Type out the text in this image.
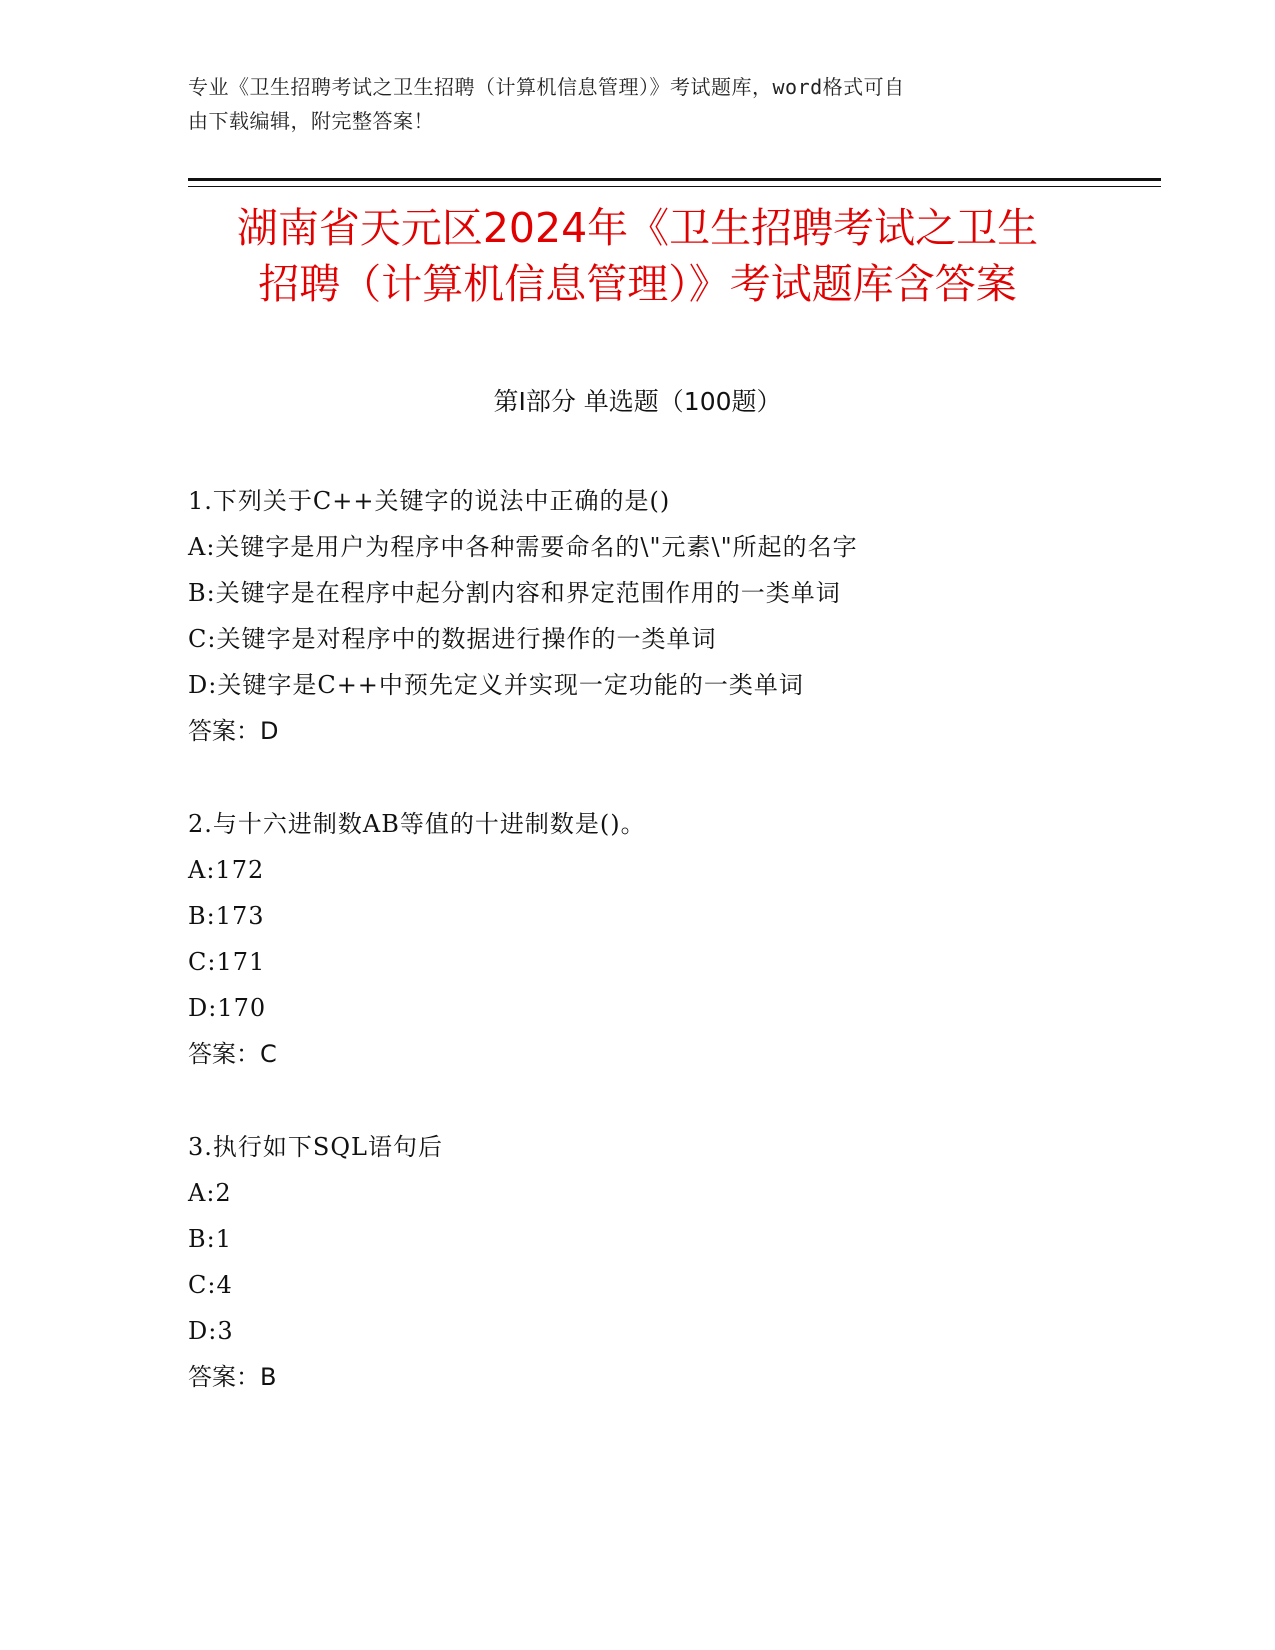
专业《卫生招聘考试之卫生招聘（计算机信息管理）》考试题库，word格式可自
由下载编辑，附完整答案！
湖南省天元区2024年《卫生招聘考试之卫生
招聘（计算机信息管理）》考试题库含答案
第Ⅰ部分 单选题（100题）
1.下列关于C++关键字的说法中正确的是()
A:关键字是用户为程序中各种需要命名的\"元素\"所起的名字
B:关键字是在程序中起分割内容和界定范围作用的一类单词
C:关键字是对程序中的数据进行操作的一类单词
D:关键字是C++中预先定义并实现一定功能的一类单词
答案：D
2.与十六进制数AB等值的十进制数是()。
A:172
B:173
C:171
D:170
答案：C
3.执行如下SQL语句后
A:2
B:1
C:4
D:3
答案：B
